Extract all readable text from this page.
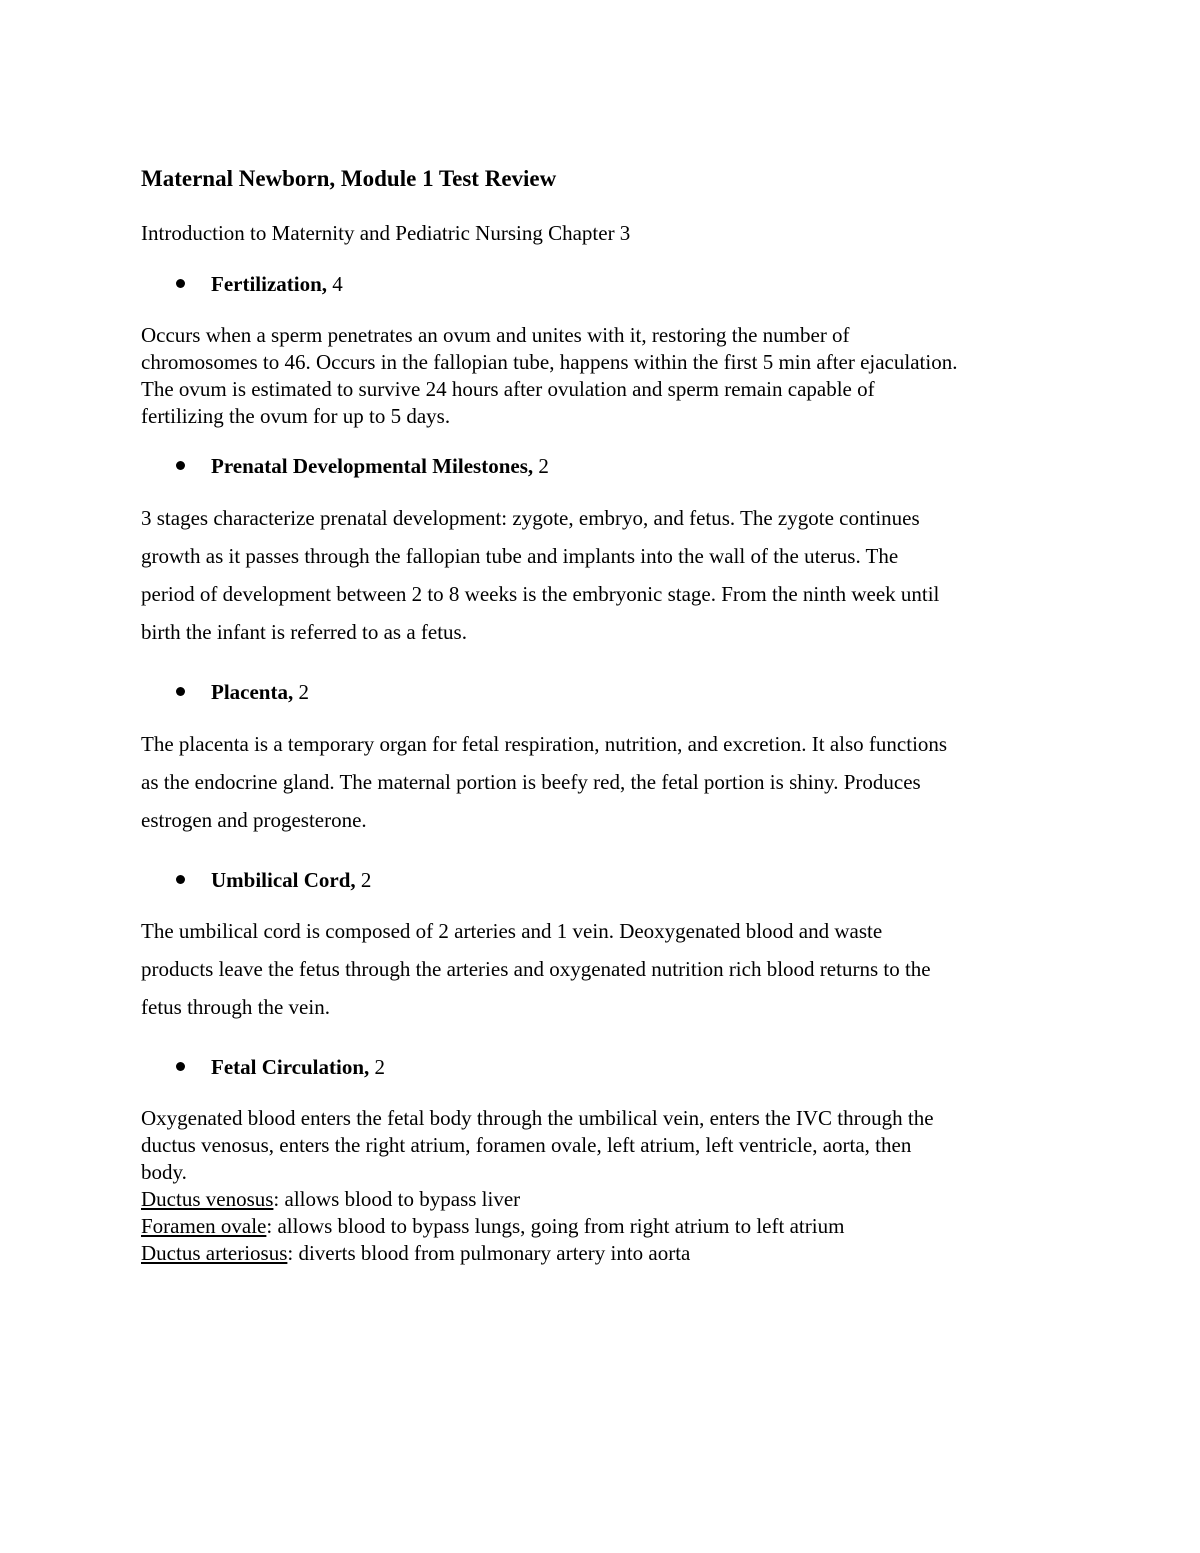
Maternal Newborn, Module 1 Test Review
Introduction to Maternity and Pediatric Nursing Chapter 3
Fertilization, 4
Occurs when a sperm penetrates an ovum and unites with it, restoring the number of
chromosomes to 46. Occurs in the fallopian tube, happens within the first 5 min after ejaculation.
The ovum is estimated to survive 24 hours after ovulation and sperm remain capable of
fertilizing the ovum for up to 5 days.
Prenatal Developmental Milestones, 2
3 stages characterize prenatal development: zygote, embryo, and fetus. The zygote continues
growth as it passes through the fallopian tube and implants into the wall of the uterus. The
period of development between 2 to 8 weeks is the embryonic stage. From the ninth week until
birth the infant is referred to as a fetus.
Placenta, 2
The placenta is a temporary organ for fetal respiration, nutrition, and excretion. It also functions
as the endocrine gland. The maternal portion is beefy red, the fetal portion is shiny. Produces
estrogen and progesterone.
Umbilical Cord, 2
The umbilical cord is composed of 2 arteries and 1 vein. Deoxygenated blood and waste
products leave the fetus through the arteries and oxygenated nutrition rich blood returns to the
fetus through the vein.
Fetal Circulation, 2
Oxygenated blood enters the fetal body through the umbilical vein, enters the IVC through the
ductus venosus, enters the right atrium, foramen ovale, left atrium, left ventricle, aorta, then
body.
Ductus venosus: allows blood to bypass liver
Foramen ovale: allows blood to bypass lungs, going from right atrium to left atrium
Ductus arteriosus: diverts blood from pulmonary artery into aorta
